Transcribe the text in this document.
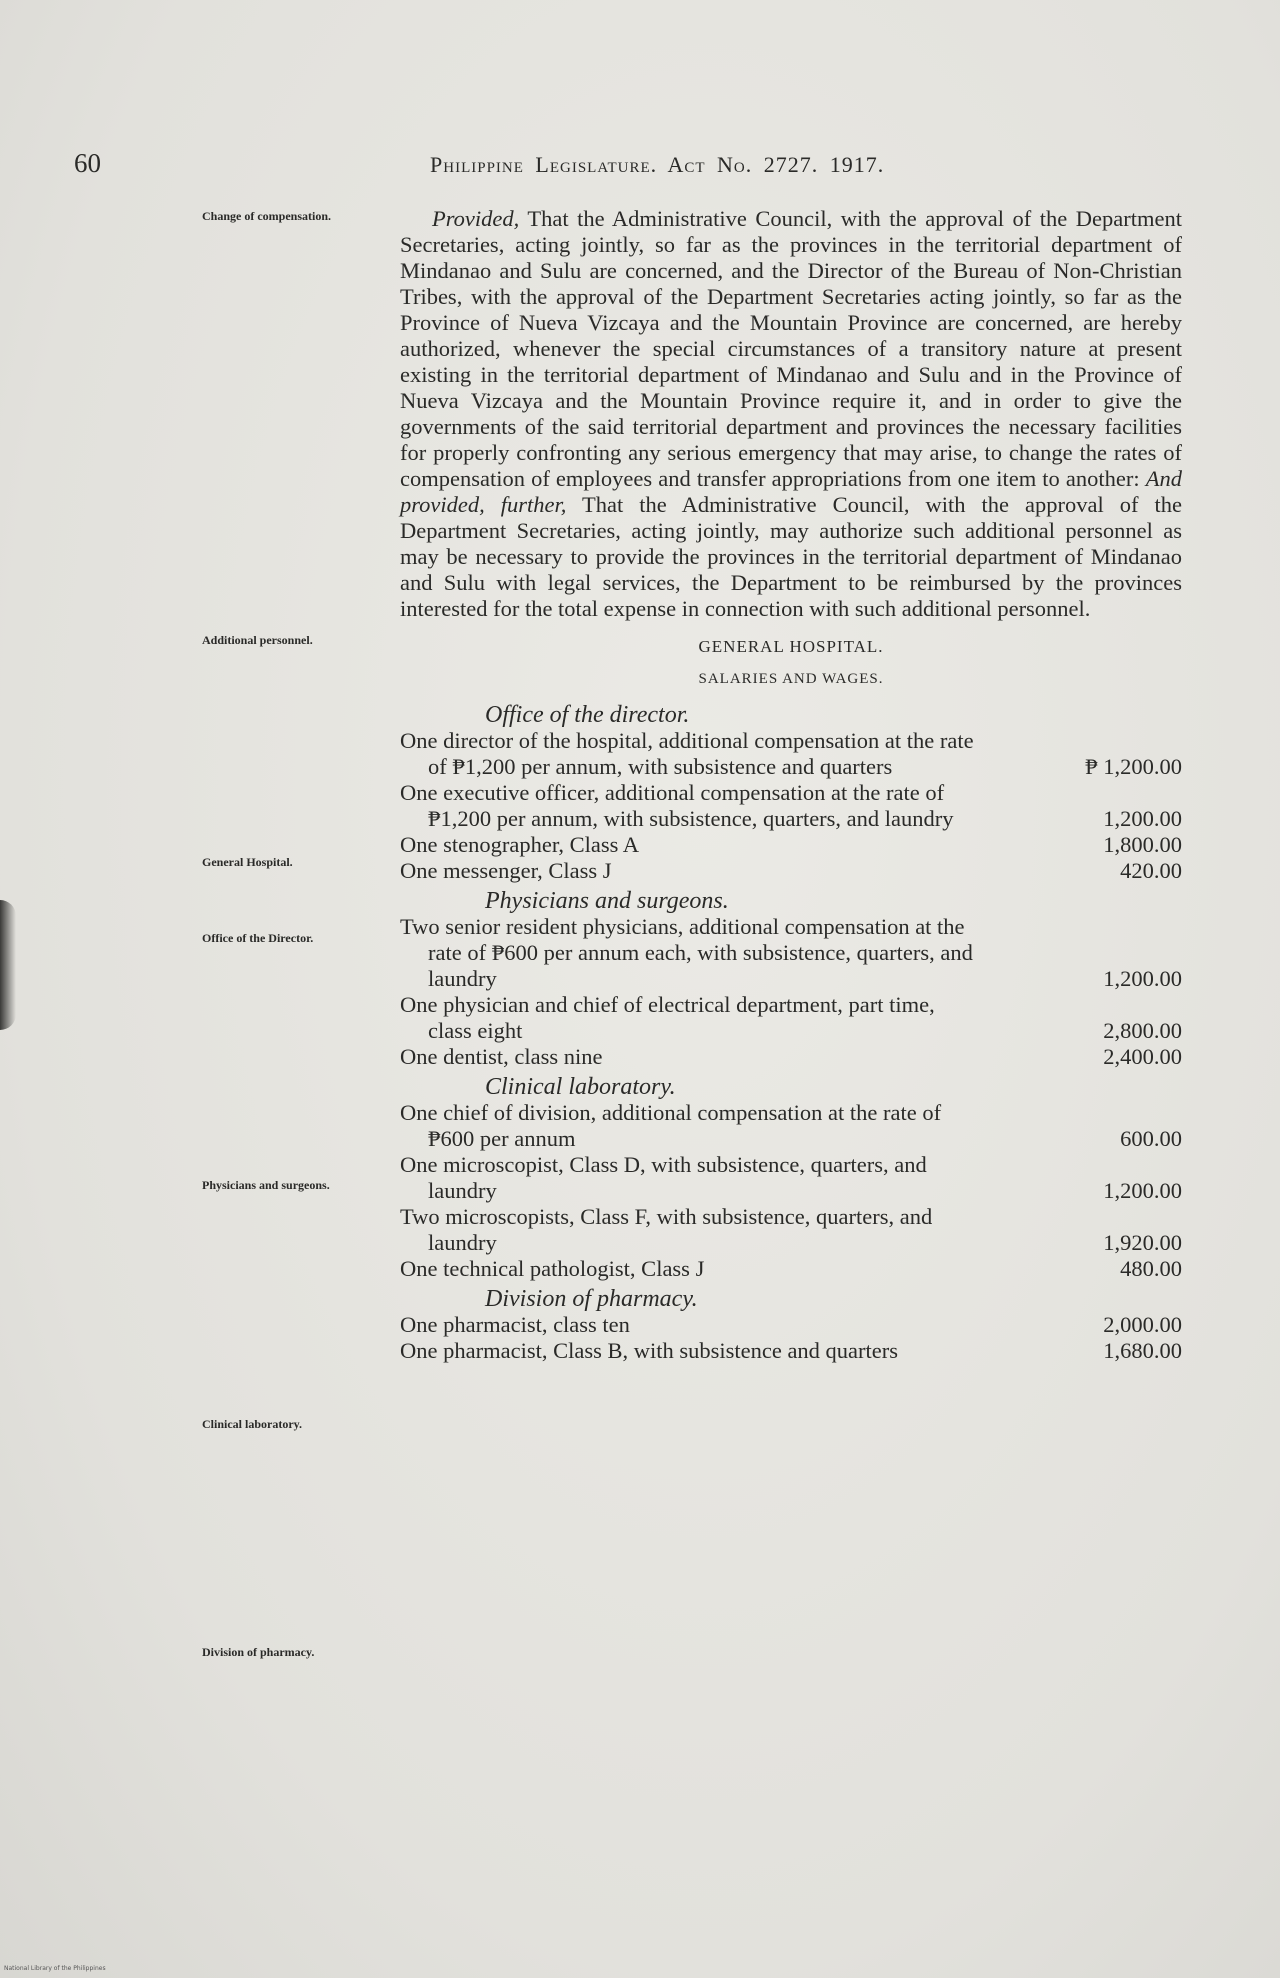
60	Philippine Legislature. Act No. 2727. 1917.
Change of compensation.
Additional personnel.
General Hospital.
Office of the Director.
Physicians and surgeons.
Clinical laboratory.
Division of pharmacy.

Provided, That the Administrative Council, with the approval of the Department Secretaries, acting jointly, so far as the provinces in the territorial department of Mindanao and Sulu are concerned, and the Director of the Bureau of Non-Christian Tribes, with the approval of the Department Secretaries acting jointly, so far as the Province of Nueva Vizcaya and the Mountain Province are concerned, are hereby authorized, whenever the special circumstances of a transitory nature at present existing in the territorial department of Mindanao and Sulu and in the Province of Nueva Vizcaya and the Mountain Province require it, and in order to give the governments of the said territorial department and provinces the necessary facilities for properly confronting any serious emergency that may arise, to change the rates of compensation of employees and transfer appropriations from one item to another: And provided, further, That the Administrative Council, with the approval of the Department Secretaries, acting jointly, may authorize such additional personnel as may be necessary to provide the provinces in the territorial department of Mindanao and Sulu with legal services, the Department to be reimbursed by the provinces interested for the total expense in connection with such additional personnel.

GENERAL HOSPITAL.
SALARIES AND WAGES.
Office of the director.
One director of the hospital, additional compensation at the rate of ₱1,200 per annum, with subsistence and quarters	₱ 1,200.00
One executive officer, additional compensation at the rate of ₱1,200 per annum, with subsistence, quarters, and laundry	1,200.00
One stenographer, Class A	1,800.00
One messenger, Class J	420.00
Physicians and surgeons.
Two senior resident physicians, additional compensation at the rate of ₱600 per annum each, with subsistence, quarters, and laundry	1,200.00
One physician and chief of electrical department, part time, class eight	2,800.00
One dentist, class nine	2,400.00
Clinical laboratory.
One chief of division, additional compensation at the rate of ₱600 per annum	600.00
One microscopist, Class D, with subsistence, quarters, and laundry	1,200.00
Two microscopists, Class F, with subsistence, quarters, and laundry	1,920.00
One technical pathologist, Class J	480.00
Division of pharmacy.
One pharmacist, class ten	2,000.00
One pharmacist, Class B, with subsistence and quarters	1,680.00
National Library of the Philippines
